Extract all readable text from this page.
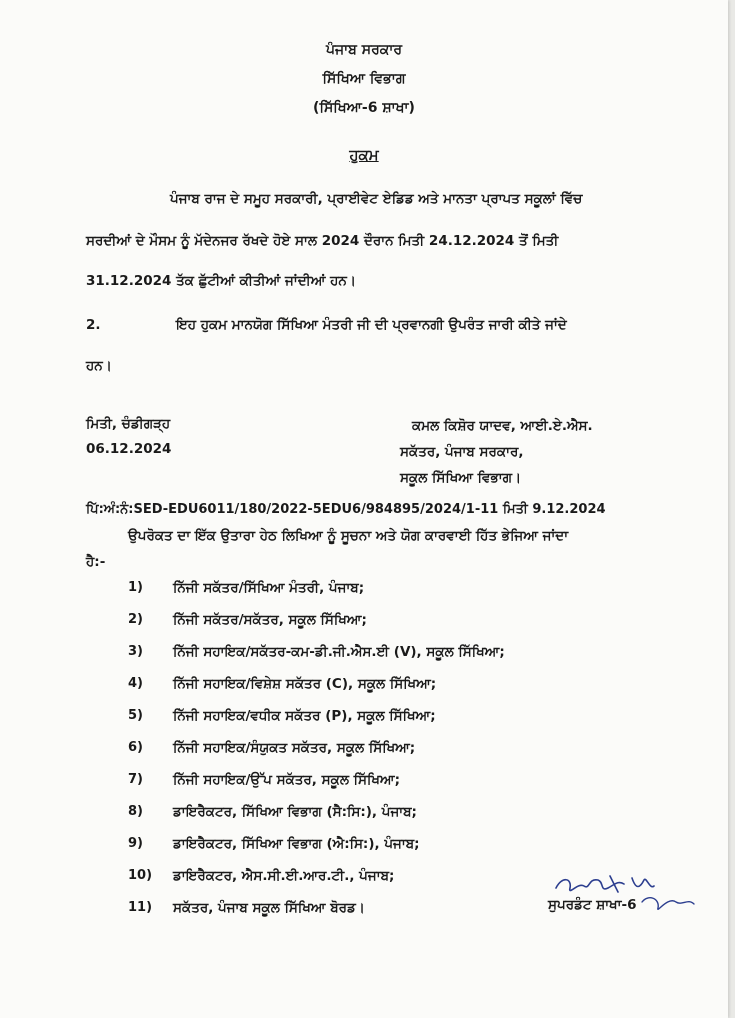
ਪੰਜਾਬ ਸਰਕਾਰ
ਸਿੱਖਿਆ ਵਿਭਾਗ
(ਸਿੱਖਿਆ-6 ਸ਼ਾਖਾ)
ਹੁਕਮ
ਪੰਜਾਬ ਰਾਜ ਦੇ ਸਮੂਹ ਸਰਕਾਰੀ, ਪ੍ਰਾਈਵੇਟ ਏਡਿਡ ਅਤੇ ਮਾਨਤਾ ਪ੍ਰਾਪਤ ਸਕੂਲਾਂ ਵਿੱਚ
ਸਰਦੀਆਂ ਦੇ ਮੌਸਮ ਨੂੰ ਮੱਦੇਨਜਰ ਰੱਖਦੇ ਹੋਏ ਸਾਲ 2024 ਦੌਰਾਨ ਮਿਤੀ 24.12.2024 ਤੋਂ ਮਿਤੀ
31.12.2024 ਤੱਕ ਛੁੱਟੀਆਂ ਕੀਤੀਆਂ ਜਾਂਦੀਆਂ ਹਨ।
2.	ਇਹ ਹੁਕਮ ਮਾਨਯੋਗ ਸਿੱਖਿਆ ਮੰਤਰੀ ਜੀ ਦੀ ਪ੍ਰਵਾਨਗੀ ਉਪਰੰਤ ਜਾਰੀ ਕੀਤੇ ਜਾਂਦੇ
ਹਨ।
ਮਿਤੀ, ਚੰਡੀਗੜ੍ਹ
06.12.2024
ਕਮਲ ਕਿਸ਼ੋਰ ਯਾਦਵ, ਆਈ.ਏ.ਐਸ.
ਸਕੱਤਰ, ਪੰਜਾਬ ਸਰਕਾਰ,
ਸਕੂਲ ਸਿੱਖਿਆ ਵਿਭਾਗ।
ਪਿੱ:ਅੰ:ਨੰ:SED-EDU6011/180/2022-5EDU6/984895/2024/1-11 ਮਿਤੀ 9.12.2024
ਉਪਰੋਕਤ ਦਾ ਇੱਕ ਉਤਾਰਾ ਹੇਠ ਲਿਖਿਆ ਨੂੰ ਸੂਚਨਾ ਅਤੇ ਯੋਗ ਕਾਰਵਾਈ ਹਿੱਤ ਭੇਜਿਆ ਜਾਂਦਾ
ਹੈ:-
1)	ਨਿੱਜੀ ਸਕੱਤਰ/ਸਿੱਖਿਆ ਮੰਤਰੀ, ਪੰਜਾਬ;
2)	ਨਿੱਜੀ ਸਕੱਤਰ/ਸਕੱਤਰ, ਸਕੂਲ ਸਿੱਖਿਆ;
3)	ਨਿੱਜੀ ਸਹਾਇਕ/ਸਕੱਤਰ-ਕਮ-ਡੀ.ਜੀ.ਐਸ.ਈ (V), ਸਕੂਲ ਸਿੱਖਿਆ;
4)	ਨਿੱਜੀ ਸਹਾਇਕ/ਵਿਸ਼ੇਸ਼ ਸਕੱਤਰ (C), ਸਕੂਲ ਸਿੱਖਿਆ;
5)	ਨਿੱਜੀ ਸਹਾਇਕ/ਵਧੀਕ ਸਕੱਤਰ (P), ਸਕੂਲ ਸਿੱਖਿਆ;
6)	ਨਿੱਜੀ ਸਹਾਇਕ/ਸੰਯੁਕਤ ਸਕੱਤਰ, ਸਕੂਲ ਸਿੱਖਿਆ;
7)	ਨਿੱਜੀ ਸਹਾਇਕ/ਉੱਪ ਸਕੱਤਰ, ਸਕੂਲ ਸਿੱਖਿਆ;
8)	ਡਾਇਰੈਕਟਰ, ਸਿੱਖਿਆ ਵਿਭਾਗ (ਸੈ:ਸਿ:), ਪੰਜਾਬ;
9)	ਡਾਇਰੈਕਟਰ, ਸਿੱਖਿਆ ਵਿਭਾਗ (ਐ:ਸਿ:), ਪੰਜਾਬ;
10)	ਡਾਇਰੈਕਟਰ, ਐਸ.ਸੀ.ਈ.ਆਰ.ਟੀ., ਪੰਜਾਬ;
11)	ਸਕੱਤਰ, ਪੰਜਾਬ ਸਕੂਲ ਸਿੱਖਿਆ ਬੋਰਡ।	ਸੁਪਰਡੰਟ ਸ਼ਾਖਾ-6
